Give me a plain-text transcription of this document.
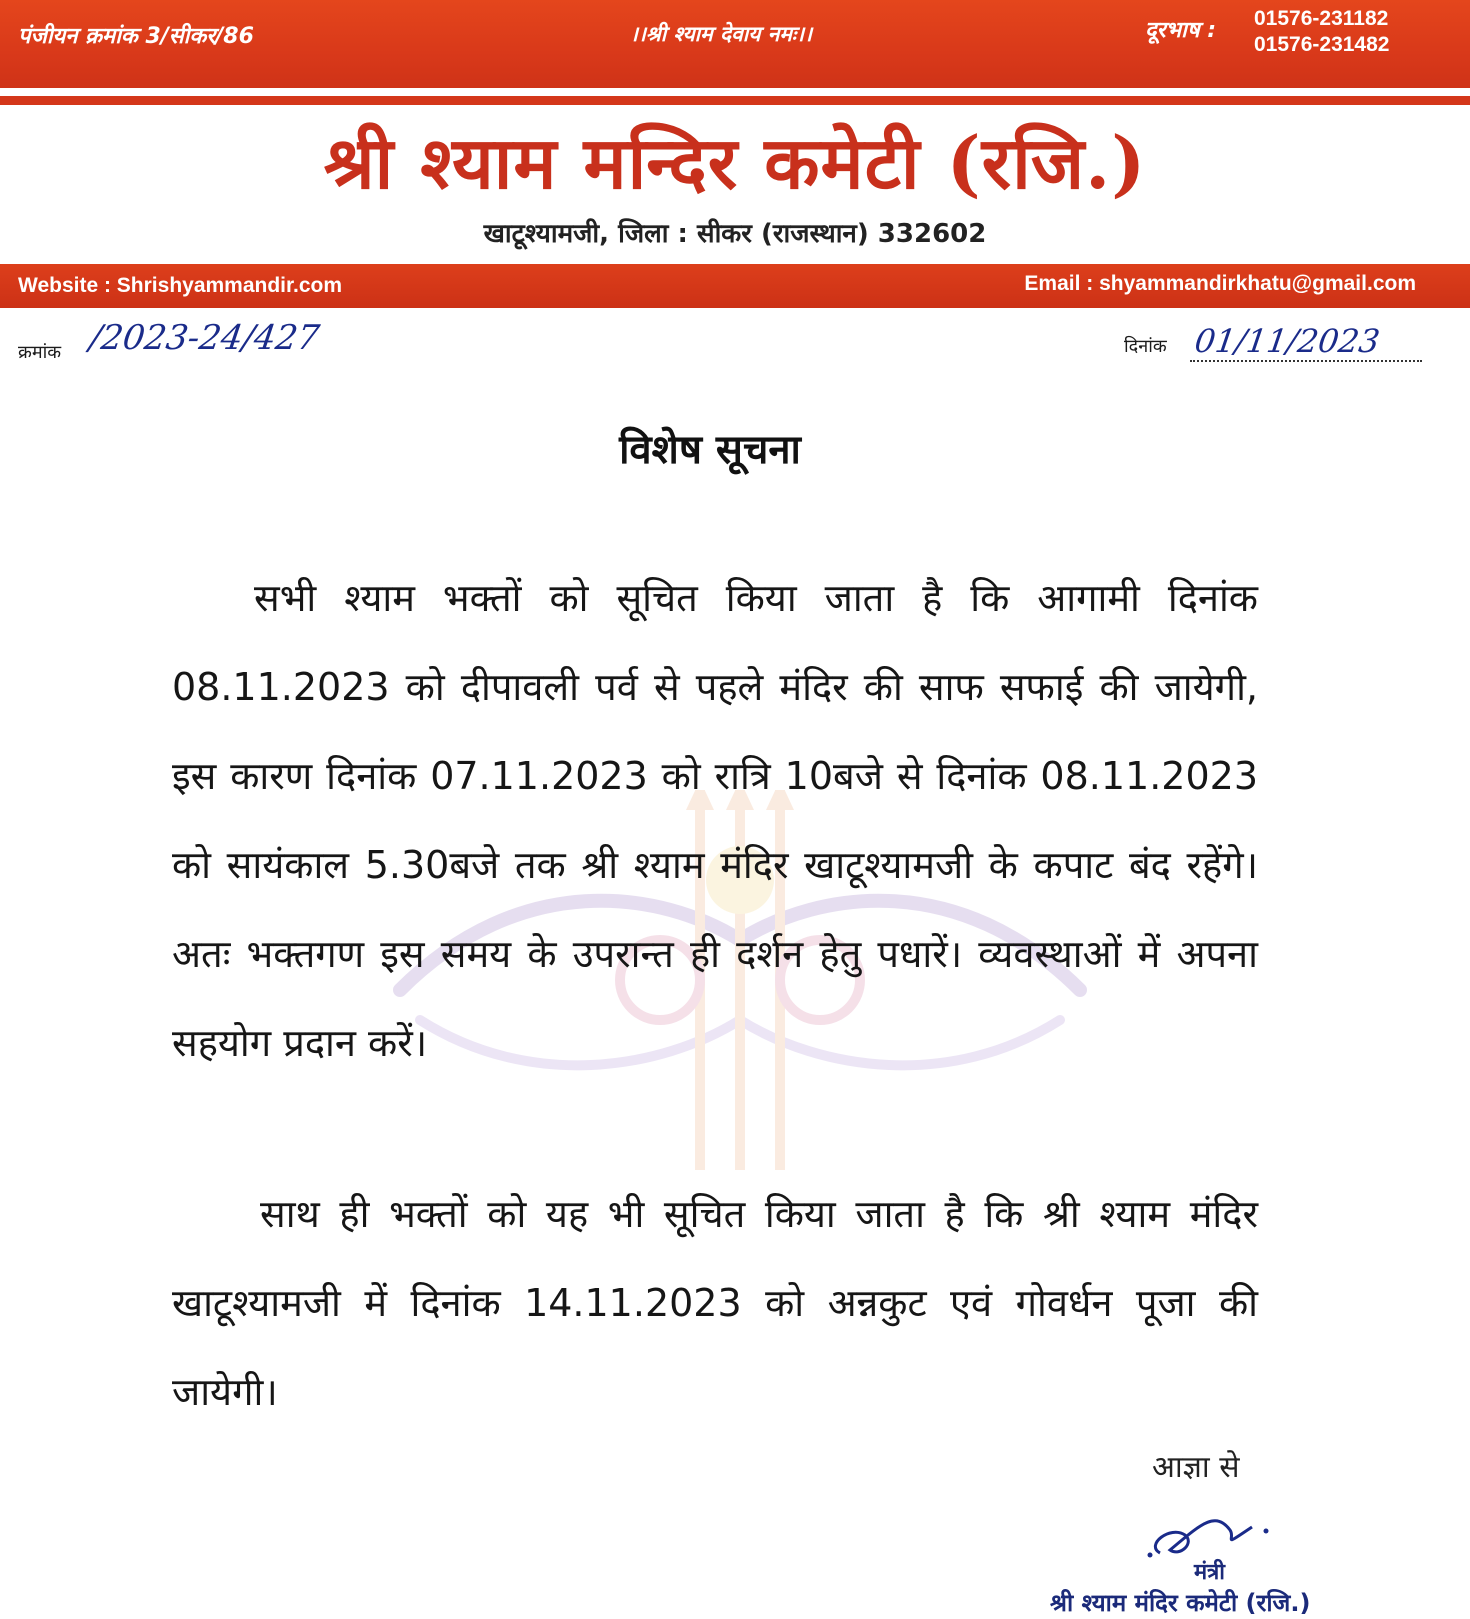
पंजीयन क्रमांक 3/सीकर/86	।।श्री श्याम देवाय नमः।।	दूरभाष : 01576-231182
01576-231482
श्री श्याम मन्दिर कमेटी (रजि.)
खाटूश्यामजी, जिला : सीकर (राजस्थान) 332602
Website : Shrishyammandir.com	Email : shyammandirkhatu@gmail.com
क्रमांक /2023-24/427	दिनांक 01/11/2023
विशेष सूचना
सभी श्याम भक्तों को सूचित किया जाता है कि आगामी दिनांक 08.11.2023 को दीपावली पर्व से पहले मंदिर की साफ सफाई की जायेगी, इस कारण दिनांक 07.11.2023 को रात्रि 10बजे से दिनांक 08.11.2023 को सायंकाल 5.30बजे तक श्री श्याम मंदिर खाटूश्यामजी के कपाट बंद रहेंगे। अतः भक्तगण इस समय के उपरान्त ही दर्शन हेतु पधारें। व्यवस्थाओं में अपना सहयोग प्रदान करें।
साथ ही भक्तों को यह भी सूचित किया जाता है कि श्री श्याम मंदिर खाटूश्यामजी में दिनांक 14.11.2023 को अन्नकुट एवं गोवर्धन पूजा की जायेगी।
आज्ञा से
मंत्री
श्री श्याम मंदिर कमेटी (रजि.)
